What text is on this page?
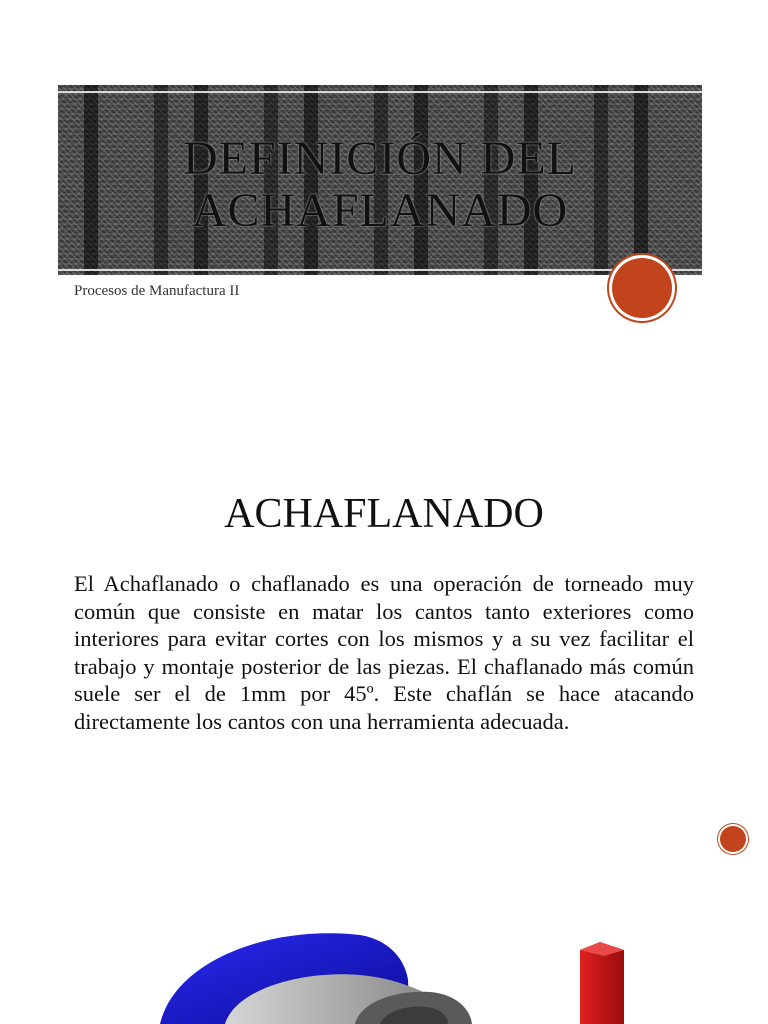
DEFINICIÓN DEL ACHAFLANADO
Procesos de Manufactura II
ACHAFLANADO
El Achaflanado o chaflanado es una operación de torneado muy común que consiste en matar los cantos tanto exteriores como interiores para evitar cortes con los mismos y a su vez facilitar el trabajo y montaje posterior de las piezas. El chaflanado más común suele ser el de 1mm por 45º. Este chaflán se hace atacando directamente los cantos con una herramienta adecuada.
